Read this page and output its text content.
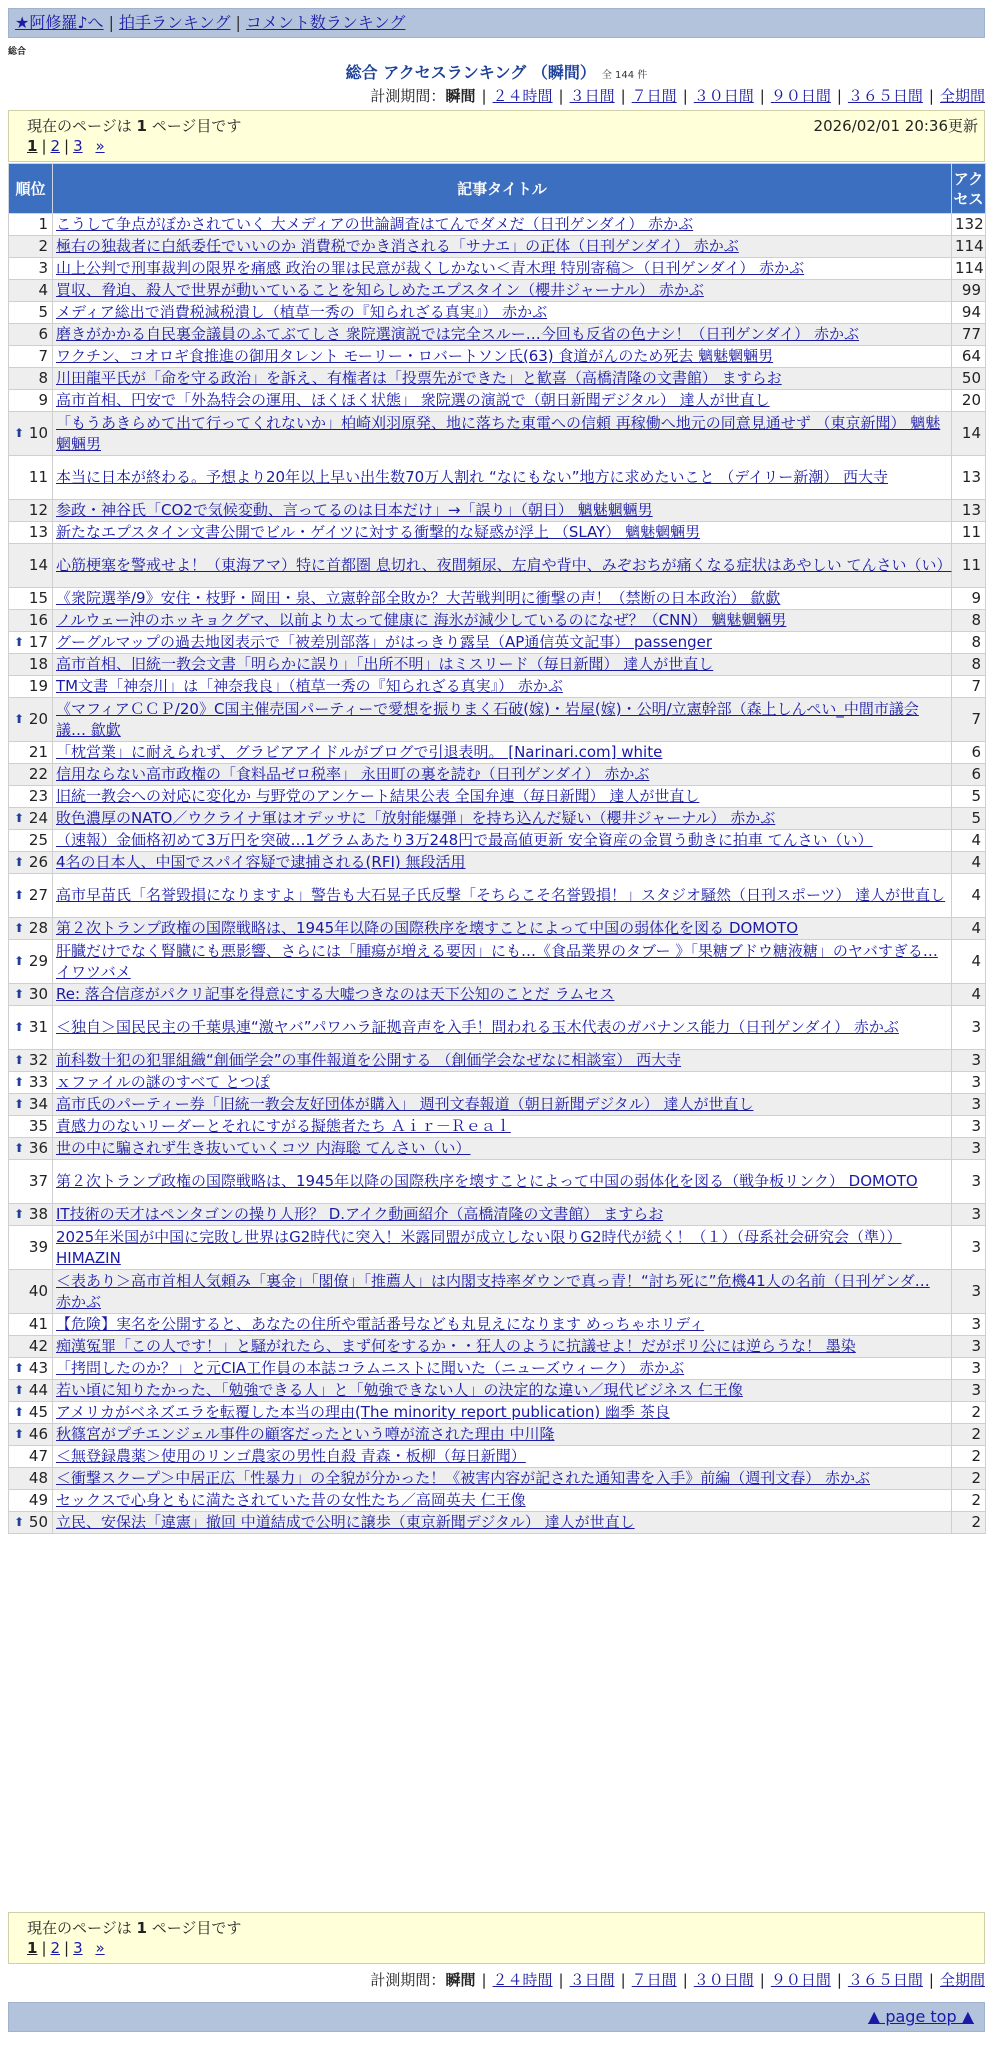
★阿修羅♪へ | 拍手ランキング | コメント数ランキング
総合
総合 アクセスランキング （瞬間） 全 144 件
計測期間：瞬間 | ２４時間 | ３日間 | ７日間 | ３０日間 | ９０日間 | ３６５日間 | 全期間
現在のページは 1 ページ目です	2026/02/01 20:36更新
1 | 2 | 3 »
順位	記事タイトル	アクセス
1	こうして争点がぼかされていく 大メディアの世論調査はてんでダメだ（日刊ゲンダイ） 赤かぶ	132
2	極右の独裁者に白紙委任でいいのか 消費税でかき消される「サナエ」の正体（日刊ゲンダイ） 赤かぶ	114
3	山上公判で刑事裁判の限界を痛感 政治の罪は民意が裁くしかない＜青木理 特別寄稿＞（日刊ゲンダイ） 赤かぶ	114
4	買収、脅迫、殺人で世界が動いていることを知らしめたエプスタイン（櫻井ジャーナル） 赤かぶ	99
5	メディア総出で消費税減税潰し（植草一秀の『知られざる真実』） 赤かぶ	94
6	磨きがかかる自民裏金議員のふてぶてしさ 衆院選演説では完全スルー…今回も反省の色ナシ！（日刊ゲンダイ） 赤かぶ	77
7	ワクチン、コオロギ食推進の御用タレント モーリー・ロバートソン氏(63) 食道がんのため死去 魑魅魍魎男	64
8	川田龍平氏が「命を守る政治」を訴え、有権者は「投票先ができた」と歓喜（高橋清隆の文書館） ますらお	50
9	高市首相、円安で「外為特会の運用、ほくほく状態」 衆院選の演説で（朝日新聞デジタル） 達人が世直し	20

⬆ 10	「もうあきらめて出て行ってくれないか」柏崎刈羽原発、地に落ちた東電への信頼 再稼働へ地元の同意見通せず （東京新聞） 魑魅魍魎男	14
11	本当に日本が終わる。予想より20年以上早い出生数70万人割れ “なにもない”地方に求めたいこと （デイリー新潮） 西大寺	13
12	参政・神谷氏「CO2で気候変動、言ってるのは日本だけ」→「誤り」（朝日） 魑魅魍魎男	13
13	新たなエプスタイン文書公開でビル・ゲイツに対する衝撃的な疑惑が浮上 （SLAY） 魑魅魍魎男	11
14	心筋梗塞を警戒せよ！（東海アマ）特に首都圏 息切れ、夜間頻尿、左肩や背中、みぞおちが痛くなる症状はあやしい てんさい（い）	11
15	《衆院選挙/9》安住・枝野・岡田・泉、立憲幹部全敗か？大苦戦判明に衝撃の声！（禁断の日本政治） 歙歔	9
16	ノルウェー沖のホッキョクグマ、以前より太って健康に 海氷が減少しているのになぜ？（CNN） 魑魅魍魎男	8

⬆ 17	グーグルマップの過去地図表示で「被差別部落」がはっきり露呈（AP通信英文記事） passenger	8
18	高市首相、旧統一教会文書「明らかに誤り」「出所不明」はミスリード（毎日新聞） 達人が世直し	8
19	TM文書「神奈川」は「神奈我良」（植草一秀の『知られざる真実』） 赤かぶ	7

⬆ 20	《マフィアＣＣＰ/20》C国主催売国パーティーで愛想を振りまく石破(嫁)・岩屋(嫁)・公明/立憲幹部（森上しんぺい_中間市議会議… 歙歔	7
21	「枕営業」に耐えられず、グラビアアイドルがブログで引退表明。 [Narinari.com] white	6
22	信用ならない高市政権の「食料品ゼロ税率」 永田町の裏を読む（日刊ゲンダイ） 赤かぶ	6
23	旧統一教会への対応に変化か 与野党のアンケート結果公表 全国弁連（毎日新聞） 達人が世直し	5

⬆ 24	敗色濃厚のNATO／ウクライナ軍はオデッサに「放射能爆弾」を持ち込んだ疑い（櫻井ジャーナル） 赤かぶ	5
25	（速報）金価格初めて3万円を突破…1グラムあたり3万248円で最高値更新 安全資産の金買う動きに拍車 てんさい（い）	4

⬆ 26	4名の日本人、中国でスパイ容疑で逮捕される(RFI) 無段活用	4

⬆ 27	高市早苗氏「名誉毀損になりますよ」警告も大石晃子氏反撃「そちらこそ名誉毀損！」スタジオ騒然（日刊スポーツ） 達人が世直し	4

⬆ 28	第２次トランプ政権の国際戦略は、1945年以降の国際秩序を壊すことによって中国の弱体化を図る DOMOTO	4

⬆ 29	肝臓だけでなく腎臓にも悪影響、さらには「腫瘍が増える要因」にも…《食品業界のタブー 》「果糖ブドウ糖液糖」のヤバすぎる… イワツバメ	4

⬆ 30	Re: 落合信彦がパクリ記事を得意にする大嘘つきなのは天下公知のことだ ラムセス	4

⬆ 31	＜独自＞国民民主の千葉県連“激ヤバ”パワハラ証拠音声を入手！問われる玉木代表のガバナンス能力（日刊ゲンダイ） 赤かぶ	3

⬆ 32	前科数十犯の犯罪組織“創価学会”の事件報道を公開する （創価学会なぜなに相談室） 西大寺	3

⬆ 33	ｘファイルの謎のすべて とつぽ	3

⬆ 34	高市氏のパーティー券「旧統一教会友好団体が購入」 週刊文春報道（朝日新聞デジタル） 達人が世直し	3
35	責感力のないリーダーとそれにすがる擬態者たち Ａｉｒ－Ｒｅａｌ	3

⬆ 36	世の中に騙されず生き抜いていくコツ 内海聡 てんさい（い）	3
37	第２次トランプ政権の国際戦略は、1945年以降の国際秩序を壊すことによって中国の弱体化を図る（戦争板リンク） DOMOTO	3

⬆ 38	IT技術の天才はペンタゴンの操り人形？ D.アイク動画紹介（高橋清隆の文書館） ますらお	3
39	2025年米国が中国に完敗し世界はG2時代に突入！米露同盟が成立しない限りG2時代が続く！（１）（母系社会研究会（準）） HIMAZIN	3
40	＜表あり＞高市首相人気頼み「裏金」「閣僚」「推薦人」は内閣支持率ダウンで真っ青！“討ち死に”危機41人の名前（日刊ゲンダ… 赤かぶ	3
41	【危険】実名を公開すると、あなたの住所や電話番号なども丸見えになります めっちゃホリディ	3
42	痴漢冤罪「この人です！」と騒がれたら、まず何をするか・・狂人のように抗議せよ！だがポリ公には逆らうな！ 墨染	3

⬆ 43	「拷問したのか？」と元CIA工作員の本誌コラムニストに聞いた（ニューズウィーク） 赤かぶ	3

⬆ 44	若い頃に知りたかった、「勉強できる人」と「勉強できない人」の決定的な違い／現代ビジネス 仁王像	3

⬆ 45	アメリカがベネズエラを転覆した本当の理由(The minority report publication) 幽季 茶良	2

⬆ 46	秋篠宮がプチエンジェル事件の顧客だったという噂が流された理由 中川隆	2
47	＜無登録農薬＞使用のリンゴ農家の男性自殺 青森・板柳（毎日新聞）	2
48	＜衝撃スクープ＞中居正広「性暴力」の全貌が分かった！《被害内容が記された通知書を入手》前編（週刊文春） 赤かぶ	2
49	セックスで心身ともに満たされていた昔の女性たち／高岡英夫 仁王像	2

⬆ 50	立民、安保法「違憲」撤回 中道結成で公明に譲歩（東京新聞デジタル） 達人が世直し	2
現在のページは 1 ページ目です
1 | 2 | 3 »
計測期間：瞬間 | ２４時間 | ３日間 | ７日間 | ３０日間 | ９０日間 | ３６５日間 | 全期間
▲ page top ▲
